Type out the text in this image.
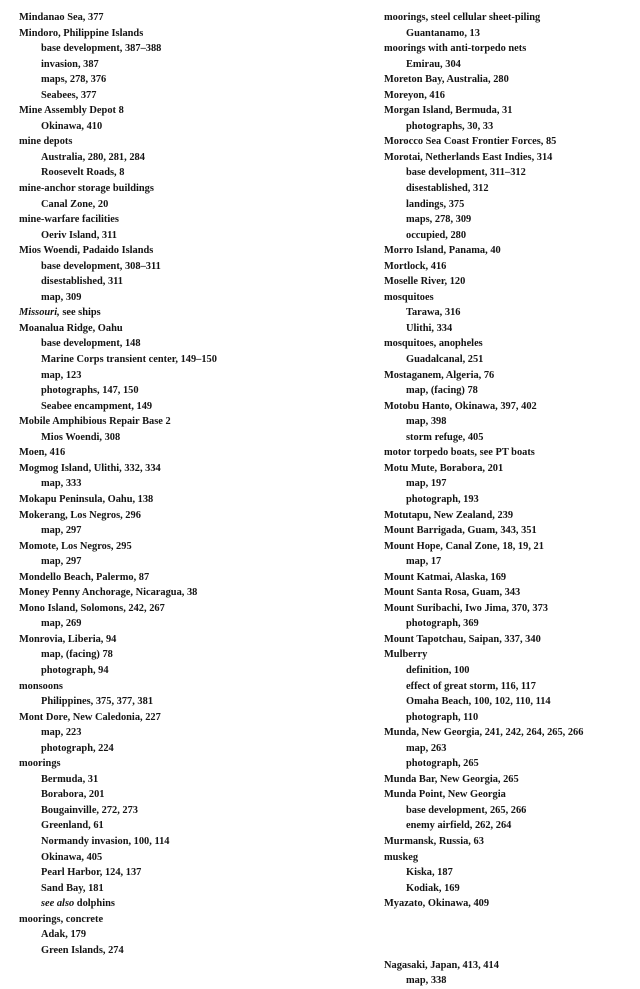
Mindanao Sea, 377
Mindoro, Philippine Islands
base development, 387–388
invasion, 387
maps, 278, 376
Seabees, 377
Mine Assembly Depot 8
Okinawa, 410
mine depots
Australia, 280, 281, 284
Roosevelt Roads, 8
mine-anchor storage buildings
Canal Zone, 20
mine-warfare facilities
Oeriv Island, 311
Mios Woendi, Padaido Islands
base development, 308–311
disestablished, 311
map, 309
Missouri, see ships
Moanalua Ridge, Oahu
base development, 148
Marine Corps transient center, 149–150
map, 123
photographs, 147, 150
Seabee encampment, 149
Mobile Amphibious Repair Base 2
Mios Woendi, 308
Moen, 416
Mogmog Island, Ulithi, 332, 334
map, 333
Mokapu Peninsula, Oahu, 138
Mokerang, Los Negros, 296
map, 297
Momote, Los Negros, 295
map, 297
Mondello Beach, Palermo, 87
Money Penny Anchorage, Nicaragua, 38
Mono Island, Solomons, 242, 267
map, 269
Monrovia, Liberia, 94
map, (facing) 78
photograph, 94
monsoons
Philippines, 375, 377, 381
Mont Dore, New Caledonia, 227
map, 223
photograph, 224
moorings
Bermuda, 31
Borabora, 201
Bougainville, 272, 273
Greenland, 61
Normandy invasion, 100, 114
Okinawa, 405
Pearl Harbor, 124, 137
Sand Bay, 181
see also dolphins
moorings, concrete
Adak, 179
Green Islands, 274
moorings, steel cellular sheet-piling
Guantanamo, 13
moorings with anti-torpedo nets
Emirau, 304
Moreton Bay, Australia, 280
Moreyon, 416
Morgan Island, Bermuda, 31
photographs, 30, 33
Morocco Sea Coast Frontier Forces, 85
Morotai, Netherlands East Indies, 314
base development, 311–312
disestablished, 312
landings, 375
maps, 278, 309
occupied, 280
Morro Island, Panama, 40
Mortlock, 416
Moselle River, 120
mosquitoes
Tarawa, 316
Ulithi, 334
mosquitoes, anopheles
Guadalcanal, 251
Mostaganem, Algeria, 76
map, (facing) 78
Motobu Hanto, Okinawa, 397, 402
map, 398
storm refuge, 405
motor torpedo boats, see PT boats
Motu Mute, Borabora, 201
map, 197
photograph, 193
Motutapu, New Zealand, 239
Mount Barrigada, Guam, 343, 351
Mount Hope, Canal Zone, 18, 19, 21
map, 17
Mount Katmai, Alaska, 169
Mount Santa Rosa, Guam, 343
Mount Suribachi, Iwo Jima, 370, 373
photograph, 369
Mount Tapotchau, Saipan, 337, 340
Mulberry
definition, 100
effect of great storm, 116, 117
Omaha Beach, 100, 102, 110, 114
photograph, 110
Munda, New Georgia, 241, 242, 264, 265, 266
map, 263
photograph, 265
Munda Bar, New Georgia, 265
Munda Point, New Georgia
base development, 265, 266
enemy airfield, 262, 264
Murmansk, Russia, 63
muskeg
Kiska, 187
Kodiak, 169
Myazato, Okinawa, 409
Nagasaki, Japan, 413, 414
map, 338
